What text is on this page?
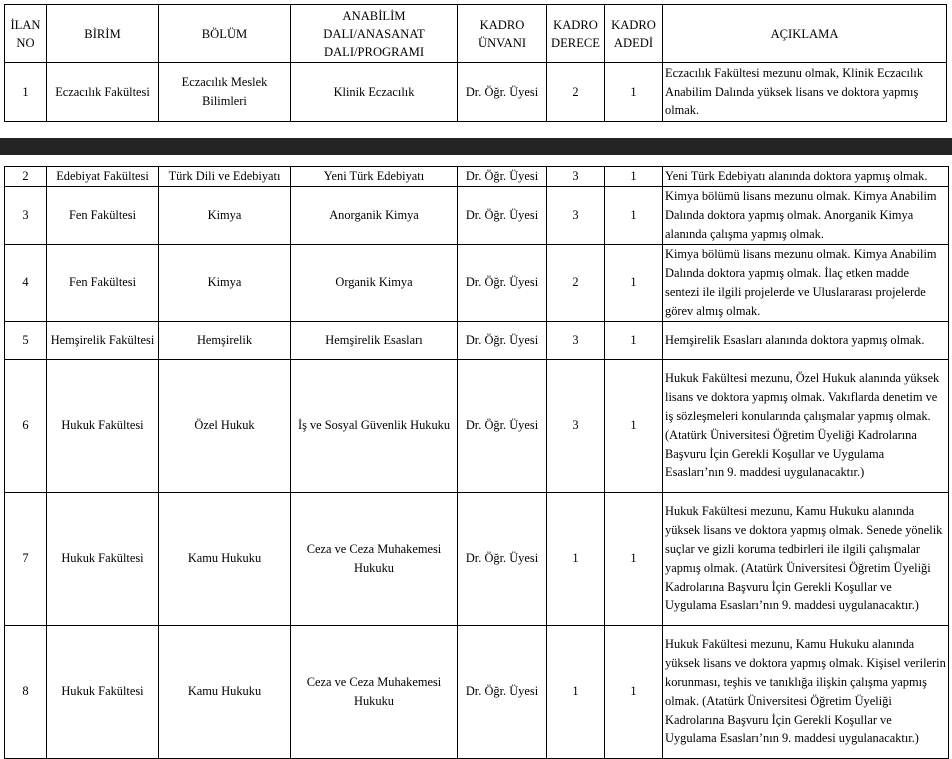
İLAN NO	BİRİM	BÖLÜM	ANABİLİM DALI/ANASANAT DALI/PROGRAMI	KADRO ÜNVANI	KADRO DERECE	KADRO ADEDİ	AÇIKLAMA
1	Eczacılık Fakültesi	Eczacılık Meslek Bilimleri	Klinik Eczacılık	Dr. Öğr. Üyesi	2	1	Eczacılık Fakültesi mezunu olmak, Klinik Eczacılık Anabilim Dalında yüksek lisans ve doktora yapmış olmak.
2	Edebiyat Fakültesi	Türk Dili ve Edebiyatı	Yeni Türk Edebiyatı	Dr. Öğr. Üyesi	3	1	Yeni Türk Edebiyatı alanında doktora yapmış olmak.
3	Fen Fakültesi	Kimya	Anorganik Kimya	Dr. Öğr. Üyesi	3	1	Kimya bölümü lisans mezunu olmak. Kimya Anabilim Dalında doktora yapmış olmak. Anorganik Kimya alanında çalışma yapmış olmak.
4	Fen Fakültesi	Kimya	Organik Kimya	Dr. Öğr. Üyesi	2	1	Kimya bölümü lisans mezunu olmak. Kimya Anabilim Dalında doktora yapmış olmak. İlaç etken madde sentezi ile ilgili projelerde ve Uluslararası projelerde görev almış olmak.
5	Hemşirelik Fakültesi	Hemşirelik	Hemşirelik Esasları	Dr. Öğr. Üyesi	3	1	Hemşirelik Esasları alanında doktora yapmış olmak.
6	Hukuk Fakültesi	Özel Hukuk	İş ve Sosyal Güvenlik Hukuku	Dr. Öğr. Üyesi	3	1	Hukuk Fakültesi mezunu, Özel Hukuk alanında yüksek lisans ve doktora yapmış olmak. Vakıflarda denetim ve iş sözleşmeleri konularında çalışmalar yapmış olmak. (Atatürk Üniversitesi Öğretim Üyeliği Kadrolarına Başvuru İçin Gerekli Koşullar ve Uygulama Esasları’nın 9. maddesi uygulanacaktır.)
7	Hukuk Fakültesi	Kamu Hukuku	Ceza ve Ceza Muhakemesi Hukuku	Dr. Öğr. Üyesi	1	1	Hukuk Fakültesi mezunu, Kamu Hukuku alanında yüksek lisans ve doktora yapmış olmak. Senede yönelik suçlar ve gizli koruma tedbirleri ile ilgili çalışmalar yapmış olmak. (Atatürk Üniversitesi Öğretim Üyeliği Kadrolarına Başvuru İçin Gerekli Koşullar ve Uygulama Esasları’nın 9. maddesi uygulanacaktır.)
8	Hukuk Fakültesi	Kamu Hukuku	Ceza ve Ceza Muhakemesi Hukuku	Dr. Öğr. Üyesi	1	1	Hukuk Fakültesi mezunu, Kamu Hukuku alanında yüksek lisans ve doktora yapmış olmak. Kişisel verilerin korunması, teşhis ve tanıklığa ilişkin çalışma yapmış olmak. (Atatürk Üniversitesi Öğretim Üyeliği Kadrolarına Başvuru İçin Gerekli Koşullar ve Uygulama Esasları’nın 9. maddesi uygulanacaktır.)
